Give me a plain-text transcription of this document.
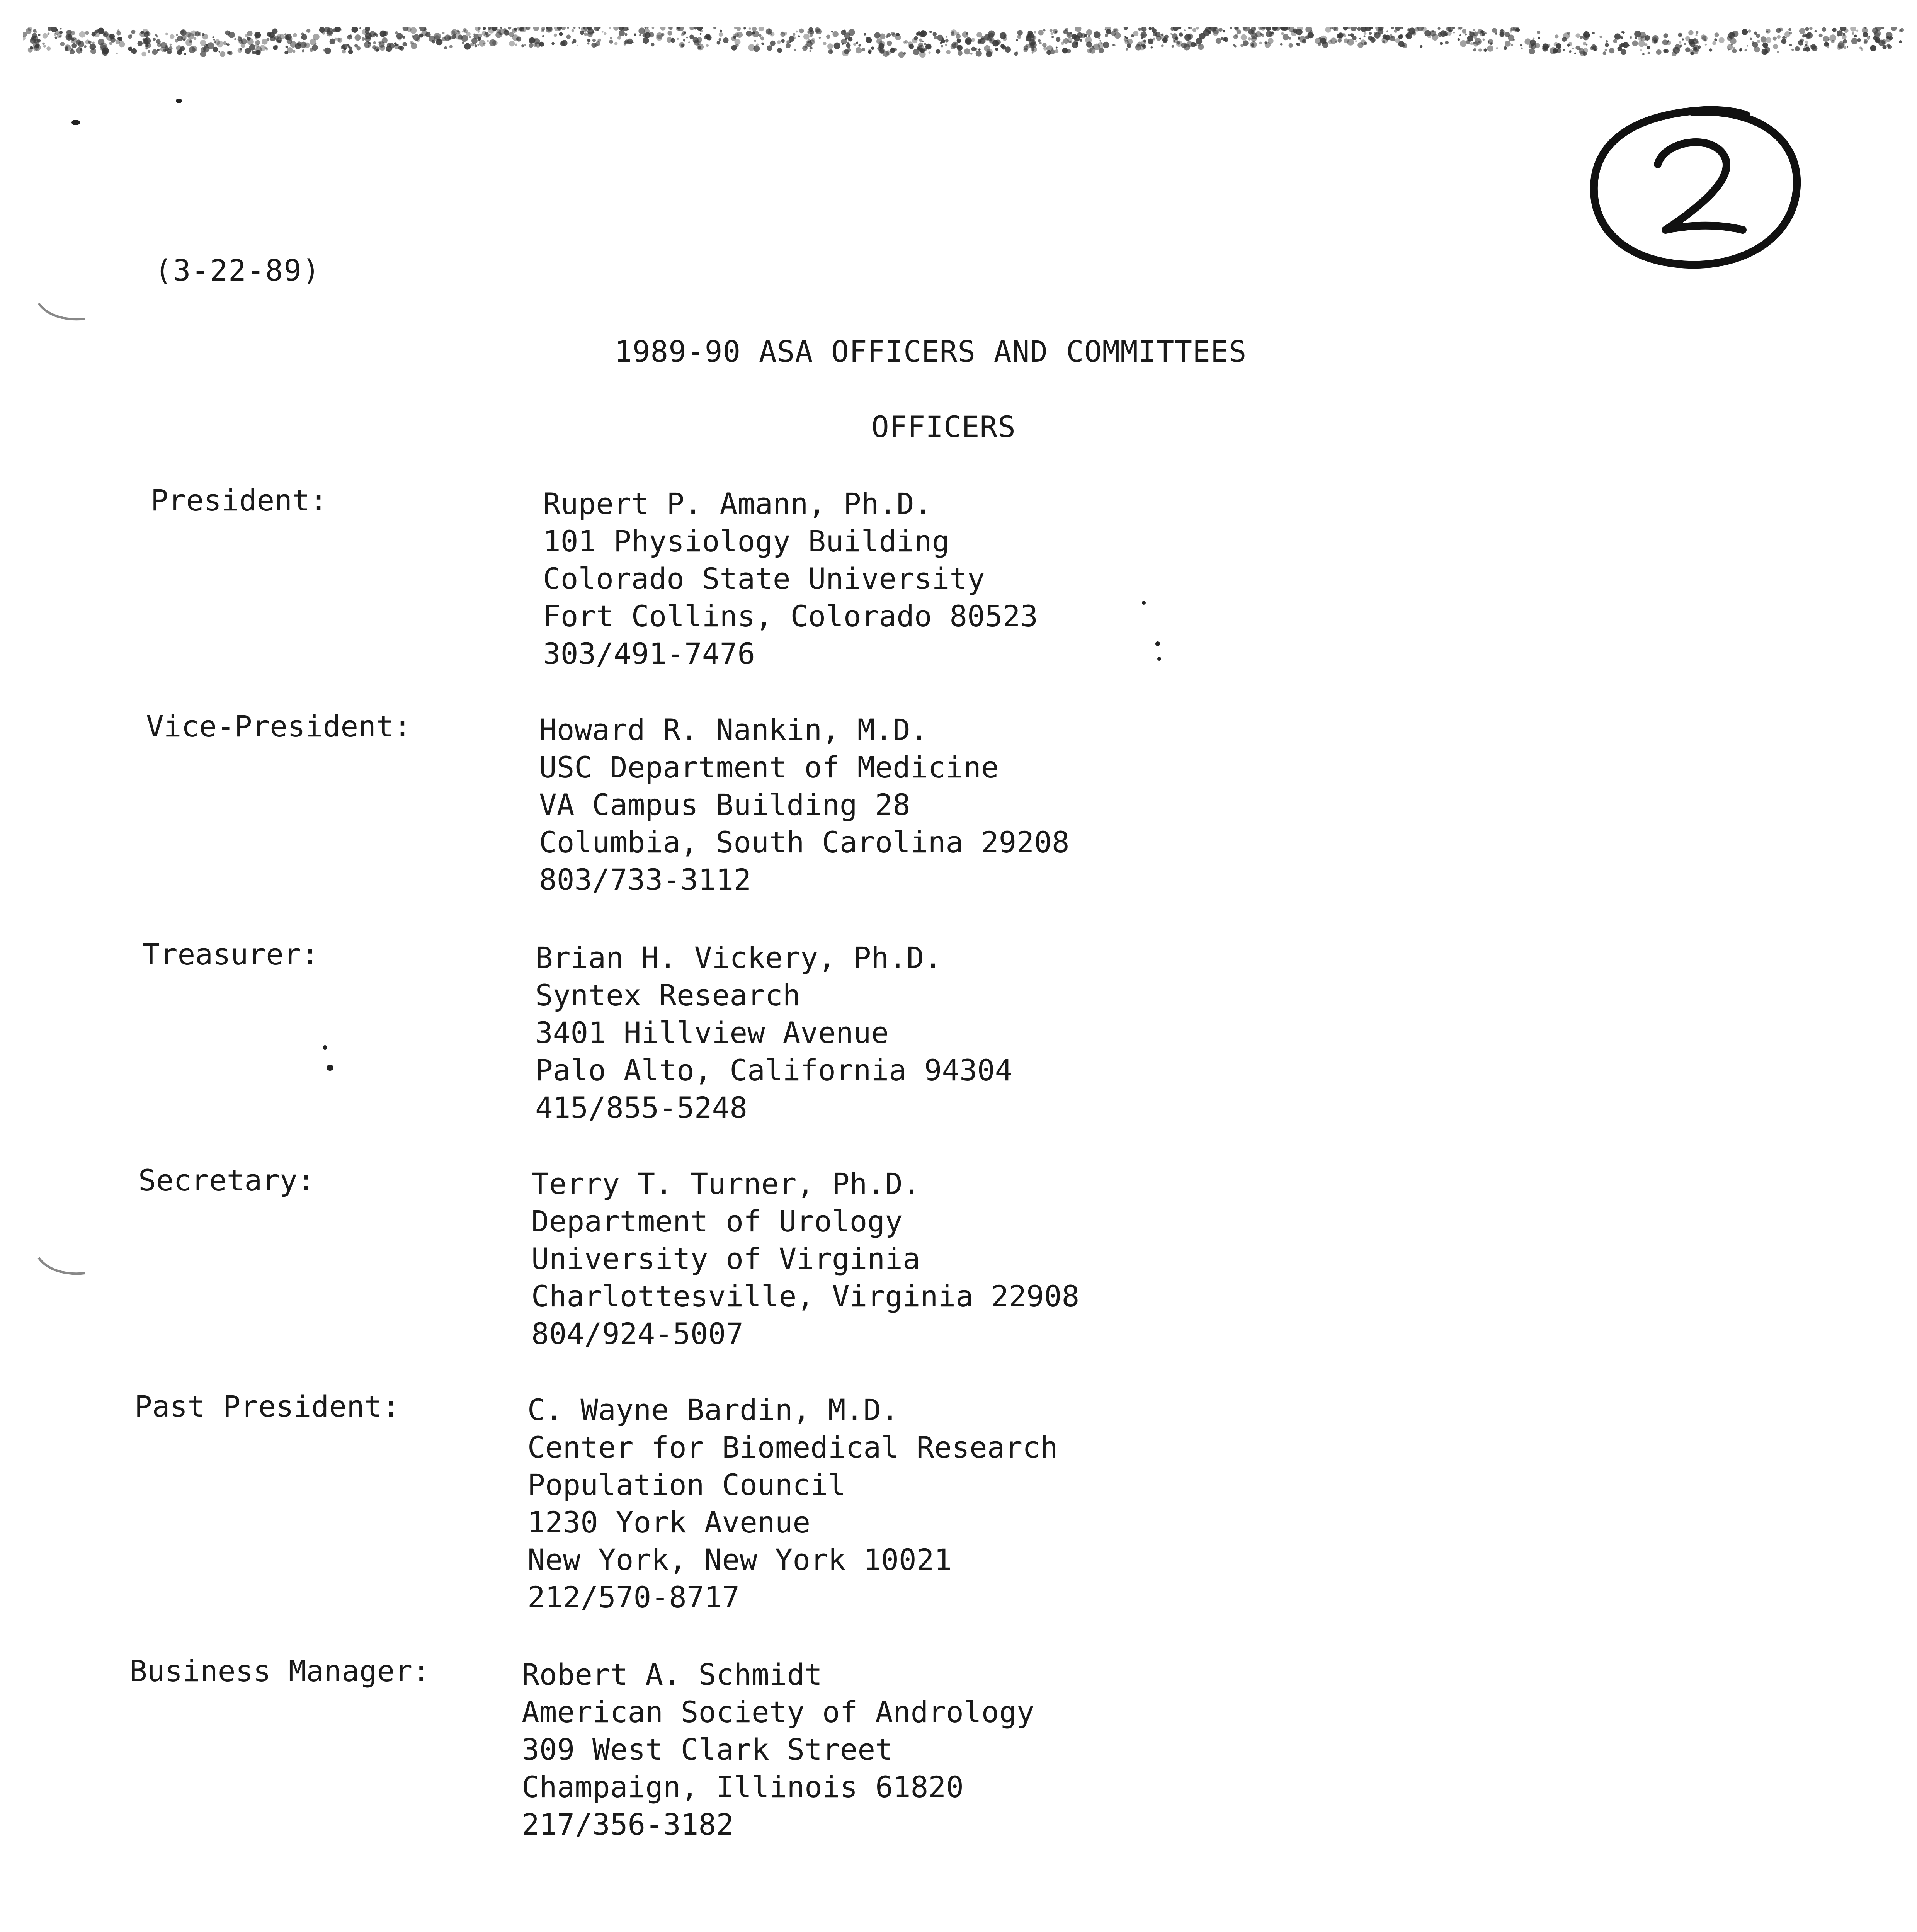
(3-22-89)
1989-90 ASA OFFICERS AND COMMITTEES
OFFICERS
President:	Rupert P. Amann, Ph.D.
101 Physiology Building
Colorado State University
Fort Collins, Colorado 80523
303/491-7476
Vice-President:	Howard R. Nankin, M.D.
USC Department of Medicine
VA Campus Building 28
Columbia, South Carolina 29208
803/733-3112
Treasurer:	Brian H. Vickery, Ph.D.
Syntex Research
3401 Hillview Avenue
Palo Alto, California 94304
415/855-5248
Secretary:	Terry T. Turner, Ph.D.
Department of Urology
University of Virginia
Charlottesville, Virginia 22908
804/924-5007
Past President:	C. Wayne Bardin, M.D.
Center for Biomedical Research
Population Council
1230 York Avenue
New York, New York 10021
212/570-8717
Business Manager:	Robert A. Schmidt
American Society of Andrology
309 West Clark Street
Champaign, Illinois 61820
217/356-3182
